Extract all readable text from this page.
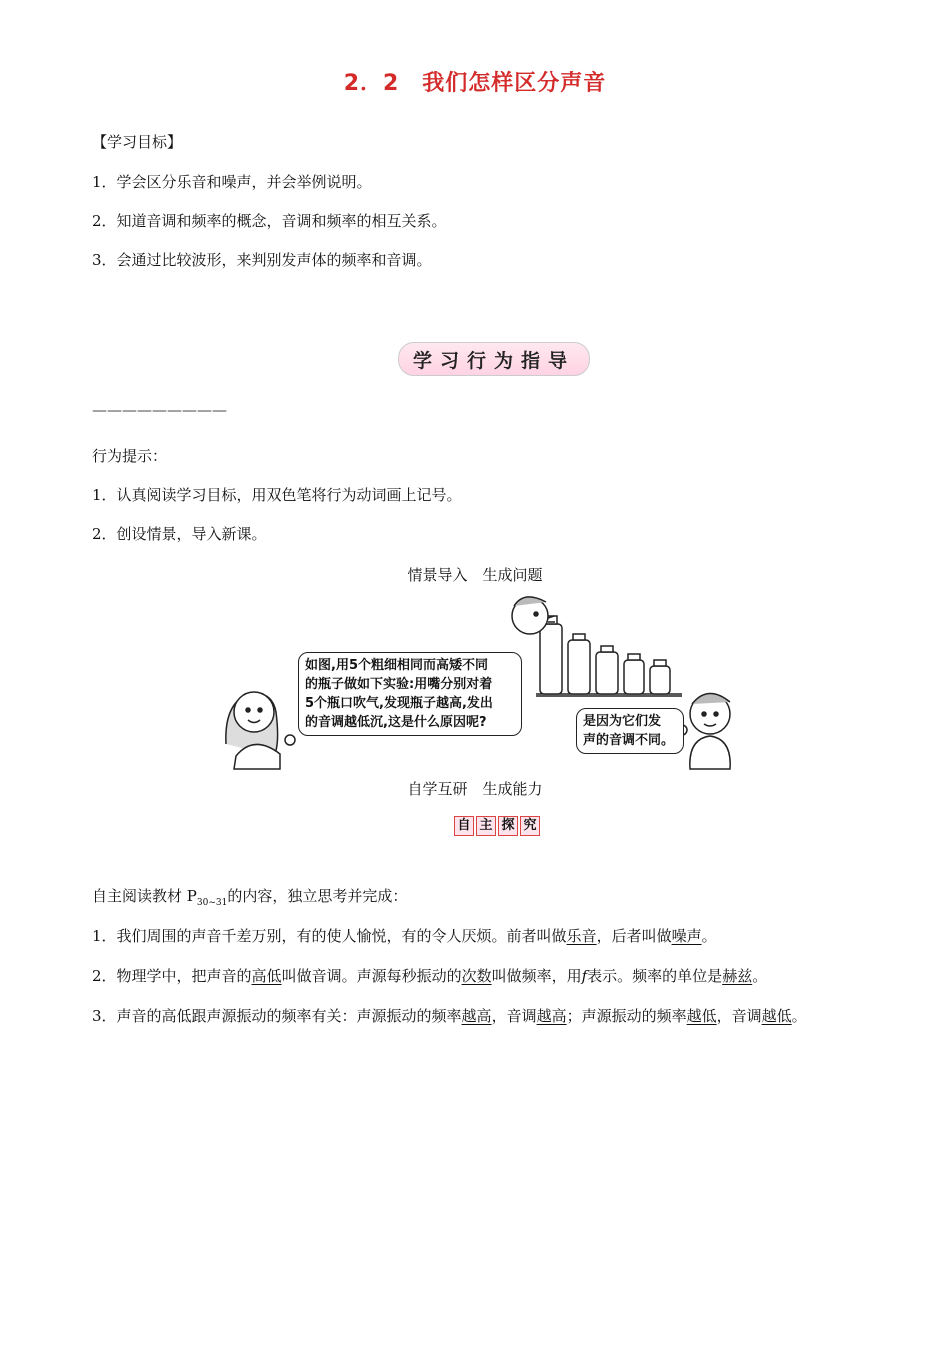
2．2　我们怎样区分声音
【学习目标】
1．学会区分乐音和噪声，并会举例说明。
2．知道音调和频率的概念，音调和频率的相互关系。
3．会通过比较波形，来判别发声体的频率和音调。
学习行为指导
—————————
行为提示：
1．认真阅读学习目标，用双色笔将行为动词画上记号。
2．创设情景，导入新课。
情景导入　生成问题
如图,用5个粗细相同而高矮不同
的瓶子做如下实验:用嘴分别对着
5个瓶口吹气,发现瓶子越高,发出
的音调越低沉,这是什么原因呢?	是因为它们发
声的音调不同。
自学互研　生成能力
自 主 探 究
自主阅读教材 $P_{30\sim 31}$的内容，独立思考并完成：
1．我们周围的声音千差万别，有的使人愉悦，有的令人厌烦。前者叫做乐音，后者叫做噪声。
2．物理学中，把声音的高低叫做音调。声源每秒振动的次数叫做频率，用f表示。频率的单位是赫兹。
3．声音的高低跟声源振动的频率有关：声源振动的频率越高，音调越高；声源振动的频率越低，音调越低。
